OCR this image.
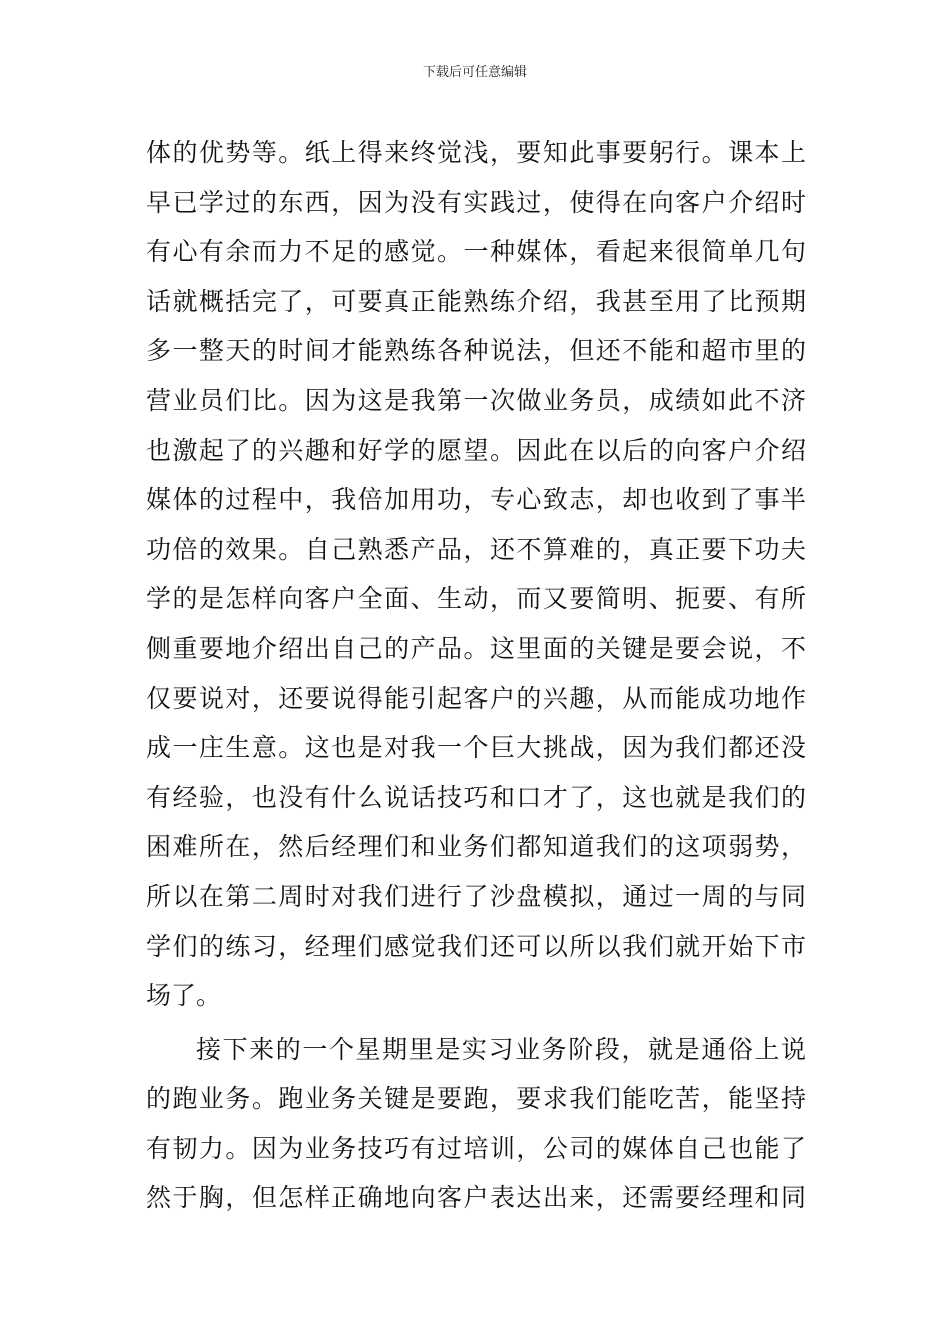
下载后可任意编辑
体的优势等。纸上得来终觉浅，要知此事要躬行。课本上
早已学过的东西，因为没有实践过，使得在向客户介绍时
有心有余而力不足的感觉。一种媒体，看起来很简单几句
话就概括完了，可要真正能熟练介绍，我甚至用了比预期
多一整天的时间才能熟练各种说法，但还不能和超市里的
营业员们比。因为这是我第一次做业务员，成绩如此不济
也激起了的兴趣和好学的愿望。因此在以后的向客户介绍
媒体的过程中，我倍加用功，专心致志，却也收到了事半
功倍的效果。自己熟悉产品，还不算难的，真正要下功夫
学的是怎样向客户全面、生动，而又要简明、扼要、有所
侧重要地介绍出自己的产品。这里面的关键是要会说，不
仅要说对，还要说得能引起客户的兴趣，从而能成功地作
成一庄生意。这也是对我一个巨大挑战，因为我们都还没
有经验，也没有什么说话技巧和口才了，这也就是我们的
困难所在，然后经理们和业务们都知道我们的这项弱势，
所以在第二周时对我们进行了沙盘模拟，通过一周的与同
学们的练习，经理们感觉我们还可以所以我们就开始下市
场了。
接下来的一个星期里是实习业务阶段，就是通俗上说
的跑业务。跑业务关键是要跑，要求我们能吃苦，能坚持
有韧力。因为业务技巧有过培训，公司的媒体自己也能了
然于胸，但怎样正确地向客户表达出来，还需要经理和同
